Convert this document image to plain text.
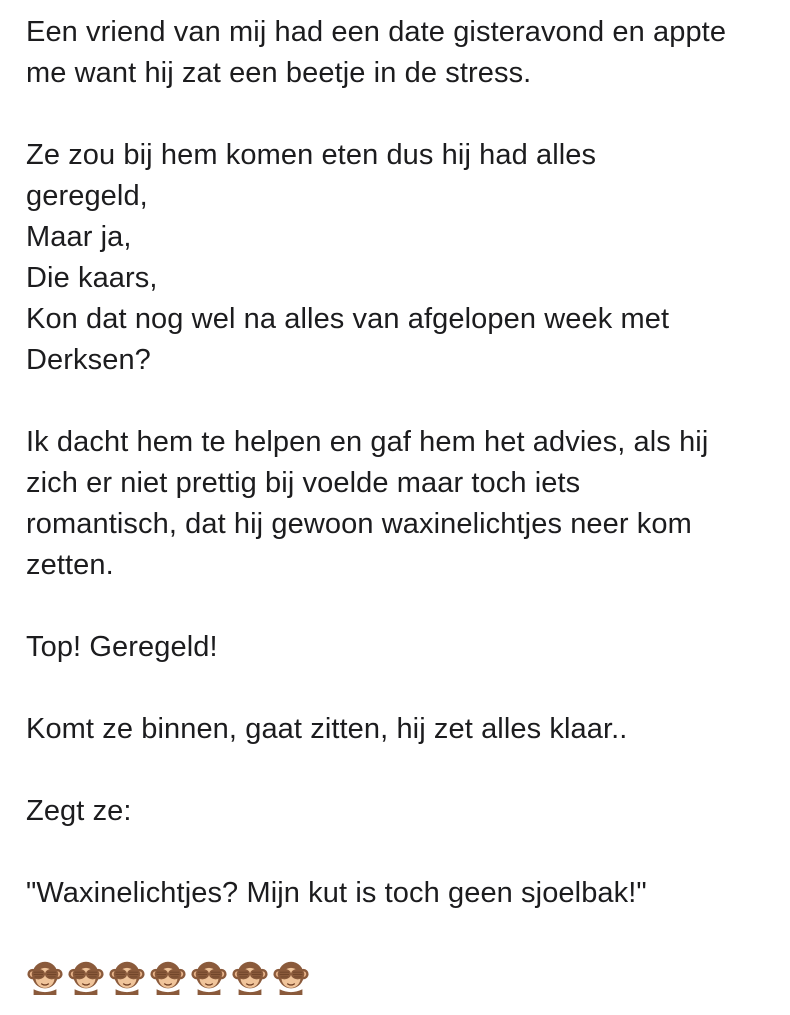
Een vriend van mij had een date gisteravond en appte
me want hij zat een beetje in de stress.

Ze zou bij hem komen eten dus hij had alles
geregeld,
Maar ja,
Die kaars,
Kon dat nog wel na alles van afgelopen week met
Derksen?

Ik dacht hem te helpen en gaf hem het advies, als hij
zich er niet prettig bij voelde maar toch iets
romantisch, dat hij gewoon waxinelichtjes neer kom
zetten.

Top! Geregeld!

Komt ze binnen, gaat zitten, hij zet alles klaar..

Zegt ze:

"Waxinelichtjes? Mijn kut is toch geen sjoelbak!"
